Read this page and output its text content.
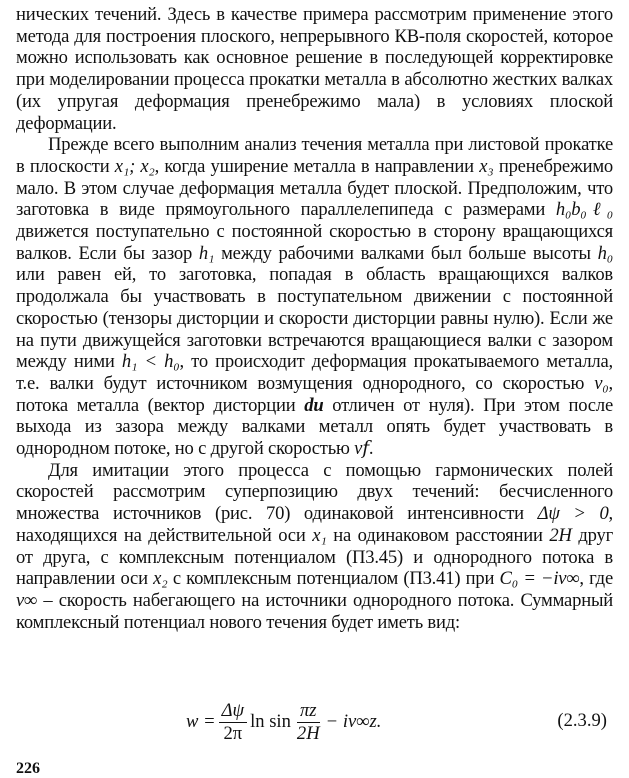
нических течений. Здесь в качестве примера рассмотрим применение этого метода для построения плоского, непрерывного КВ-поля скоростей, которое можно использовать как основное решение в последующей корректировке при моделировании процесса прокатки металла в абсолютно жестких валках (их упругая деформация пренебрежимо мала) в условиях плоской деформации.

Прежде всего выполним анализ течения металла при листовой прокатке в плоскости x₁; x₂, когда уширение металла в направлении x₃ пренебрежимо мало. В этом случае деформация металла будет плоской. Предположим, что заготовка в виде прямоугольного параллелепипеда с размерами h₀b₀ℓ₀ движется поступательно с постоянной скоростью в сторону вращающихся валков. Если бы зазор h₁ между рабочими валками был больше высоты h₀ или равен ей, то заготовка, попадая в область вращающихся валков продолжала бы участвовать в поступательном движении с постоянной скоростью (тензоры дисторции и скорости дисторции равны нулю). Если же на пути движущейся заготовки встречаются вращающиеся валки с зазором между ними h₁ < h₀, то происходит деформация прокатываемого металла, т.е. валки будут источником возмущения однородного, со скоростью v₀, потока металла (вектор дисторции du отличен от нуля). При этом после выхода из зазора между валками металл опять будет участвовать в однородном потоке, но с другой скоростью v𝑓.

Для имитации этого процесса с помощью гармонических полей скоростей рассмотрим суперпозицию двух течений: бесчисленного множества источников (рис. 70) одинаковой интенсивности Δψ > 0, находящихся на действительной оси x₁ на одинаковом расстоянии 2H друг от друга, с комплексным потенциалом (П3.45) и однородного потока в направлении оси x₂ с комплексным потенциалом (П3.41) при C₀ = −iv∞, где v∞ – скорость набегающего на источники однородного потока. Суммарный комплексный потенциал нового течения будет иметь вид:

$w = \frac{\Delta\psi}{2\pi}$ $\ln \sin \frac{\pi z}{2H} - iv\infty z$.	(2.3.9)
226
